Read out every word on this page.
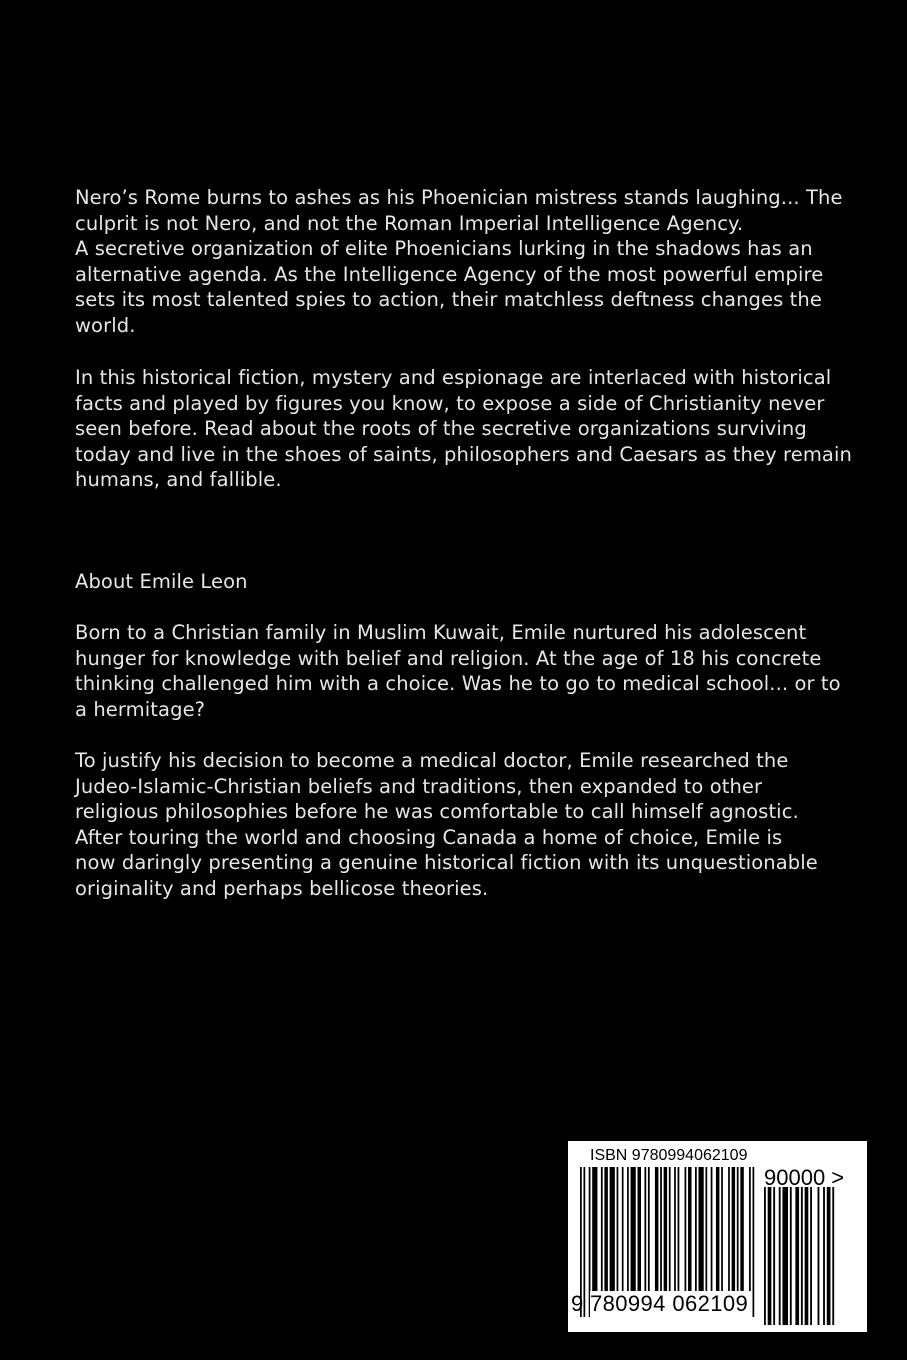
Nero’s Rome burns to ashes as his Phoenician mistress stands laughing... The
culprit is not Nero, and not the Roman Imperial Intelligence Agency.
A secretive organization of elite Phoenicians lurking in the shadows has an
alternative agenda. As the Intelligence Agency of the most powerful empire
sets its most talented spies to action, their matchless deftness changes the
world.
In this historical fiction, mystery and espionage are interlaced with historical
facts and played by figures you know, to expose a side of Christianity never
seen before. Read about the roots of the secretive organizations surviving
today and live in the shoes of saints, philosophers and Caesars as they remain
humans, and fallible.
About Emile Leon
Born to a Christian family in Muslim Kuwait, Emile nurtured his adolescent
hunger for knowledge with belief and religion. At the age of 18 his concrete
thinking challenged him with a choice. Was he to go to medical school... or to
a hermitage?
To justify his decision to become a medical doctor, Emile researched the
Judeo-Islamic-Christian beliefs and traditions, then expanded to other
religious philosophies before he was comfortable to call himself agnostic.
After touring the world and choosing Canada a home of choice, Emile is
now daringly presenting a genuine historical fiction with its unquestionable
originality and perhaps bellicose theories.
ISBN 9780994062109
9 780994 062109
90000 >
